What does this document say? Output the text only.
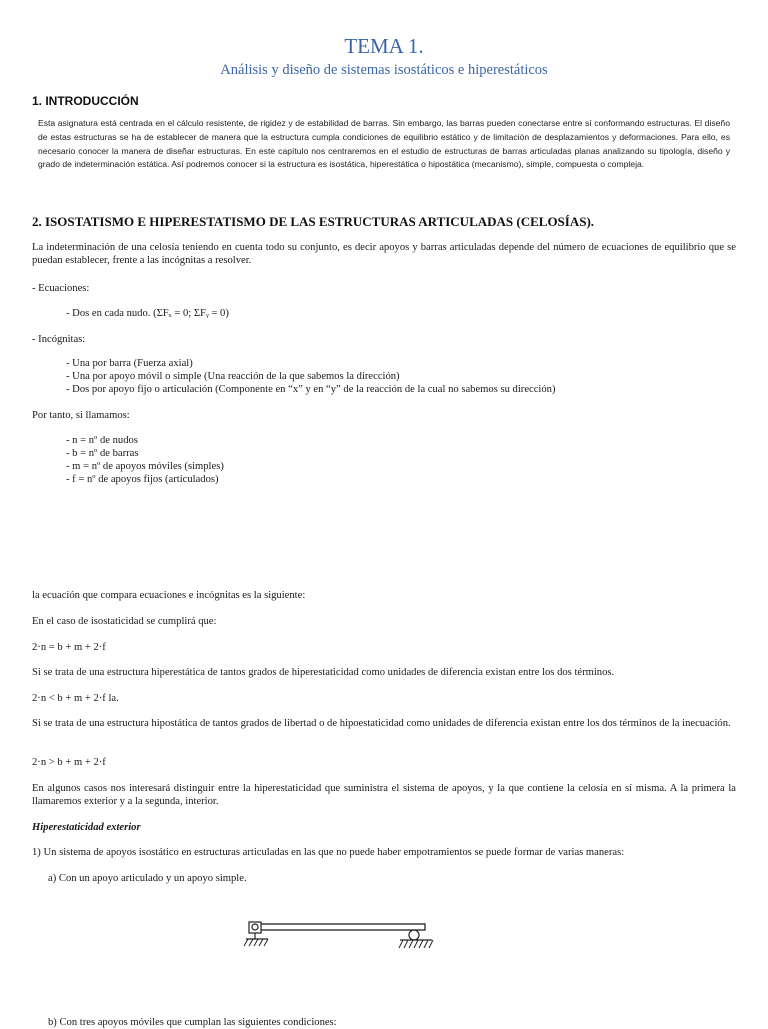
TEMA 1.
Análisis y diseño de sistemas isostáticos e hiperestáticos
1. INTRODUCCIÓN
Esta asignatura está centrada en el cálculo resistente, de rigidez y de estabilidad de barras. Sin embargo, las barras pueden conectarse entre sí conformando estructuras. El diseño de estas estructuras se ha de establecer de manera que la estructura cumpla condiciones de equilibrio estático y de limitación de desplazamientos y deformaciones. Para ello, es necesario conocer la manera de diseñar estructuras. En este capítulo nos centraremos en el estudio de estructuras de barras articuladas planas analizando su tipología, diseño y grado de indeterminación estática. Así podremos conocer si la estructura es isostática, hiperestática o hipostática (mecanismo), simple, compuesta o compleja.
2. ISOSTATISMO E HIPERESTATISMO DE LAS ESTRUCTURAS ARTICULADAS (CELOSÍAS).
La indeterminación de una celosía teniendo en cuenta todo su conjunto, es decir apoyos y barras articuladas depende del número de ecuaciones de equilibrio que se puedan establecer, frente a las incógnitas a resolver.
- Ecuaciones:
- Dos en cada nudo. (ΣFₓ = 0; ΣFᵧ = 0)
- Incógnitas:
- Una por barra (Fuerza axial)
- Una por apoyo móvil o simple (Una reacción de la que sabemos la dirección)
- Dos por apoyo fijo o articulación (Componente en “x” y en “y” de la reacción de la cual no sabemos su dirección)
Por tanto, si llamamos:
- n = nº de nudos
- b = nº de barras
- m = nº de apoyos móviles (simples)
- f = nº de apoyos fijos (articulados)
la ecuación que compara ecuaciones e incógnitas es la siguiente:
En el caso de isostaticidad se cumplirá que:
2·n = b + m + 2·f
Si se trata de una estructura hiperestática de tantos grados de hiperestaticidad como unidades de diferencia existan entre los dos términos.
2·n < b + m + 2·f la.
Si se trata de una estructura hipostática de tantos grados de libertad o de hipoestaticidad como unidades de diferencia existan entre los dos términos de la inecuación.
2·n > b + m + 2·f
En algunos casos nos interesará distinguir entre la hiperestaticidad que suministra el sistema de apoyos, y la que contiene la celosía en sí misma. A la primera la llamaremos exterior y a la segunda, interior.
Hiperestaticidad exterior
1) Un sistema de apoyos isostático en estructuras articuladas en las que no puede haber empotramientos se puede formar de varias maneras:
a) Con un apoyo articulado y un apoyo simple.
b) Con tres apoyos móviles que cumplan las siguientes condiciones:
